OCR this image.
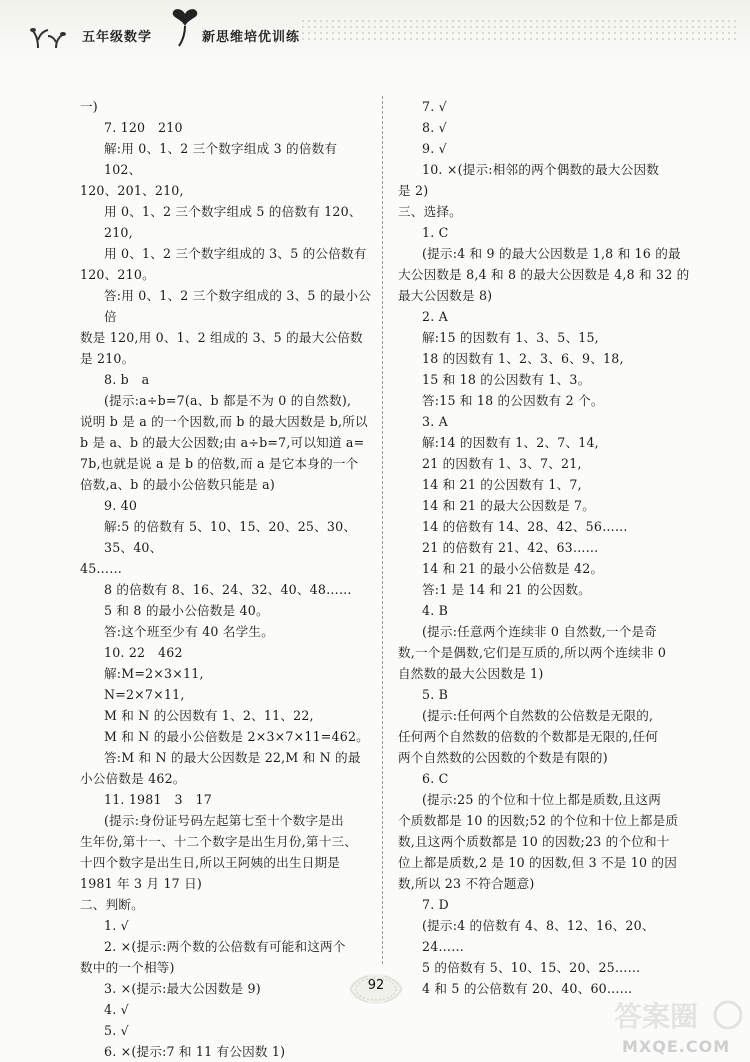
五年级数学	新思维培优训练

一)

7. 120　210

解:用 0、1、2 三个数字组成 3 的倍数有 102、

120、201、210,

用 0、1、2 三个数字组成 5 的倍数有 120、210,

用 0、1、2 三个数字组成的 3、5 的公倍数有

120、210。

答:用 0、1、2 三个数字组成的 3、5 的最小公倍

数是 120,用 0、1、2 组成的 3、5 的最大公倍数

是 210。

8. b　a

(提示:a÷b=7(a、b 都是不为 0 的自然数),

说明 b 是 a 的一个因数,而 b 的最大因数是 b,所以

b 是 a、b 的最大公因数;由 a÷b=7,可以知道 a=

7b,也就是说 a 是 b 的倍数,而 a 是它本身的一个

倍数,a、b 的最小公倍数只能是 a)

9. 40

解:5 的倍数有 5、10、15、20、25、30、35、40、

45……

8 的倍数有 8、16、24、32、40、48……

5 和 8 的最小公倍数是 40。

答:这个班至少有 40 名学生。

10. 22　462

解:M=2×3×11,

N=2×7×11,

M 和 N 的公因数有 1、2、11、22,

M 和 N 的最小公倍数是 2×3×7×11=462。

答:M 和 N 的最大公因数是 22,M 和 N 的最

小公倍数是 462。

11. 1981　3　17

(提示:身份证号码左起第七至十个数字是出

生年份,第十一、十二个数字是出生月份,第十三、

十四个数字是出生日,所以王阿姨的出生日期是

1981 年 3 月 17 日)

二、判断。

1. √

2. ×(提示:两个数的公倍数有可能和这两个

数中的一个相等)

3. ×(提示:最大公因数是 9)

4. √

5. √

6. ×(提示:7 和 11 有公因数 1)

7. √

8. √

9. √

10. ×(提示:相邻的两个偶数的最大公因数

是 2)

三、选择。

1. C

(提示:4 和 9 的最大公因数是 1,8 和 16 的最

大公因数是 8,4 和 8 的最大公因数是 4,8 和 32 的

最大公因数是 8)

2. A

解:15 的因数有 1、3、5、15,

18 的因数有 1、2、3、6、9、18,

15 和 18 的公因数有 1、3。

答:15 和 18 的公因数有 2 个。

3. A

解:14 的因数有 1、2、7、14,

21 的因数有 1、3、7、21,

14 和 21 的公因数有 1、7,

14 和 21 的最大公因数是 7。

14 的倍数有 14、28、42、56……

21 的倍数有 21、42、63……

14 和 21 的最小公倍数是 42。

答:1 是 14 和 21 的公因数。

4. B

(提示:任意两个连续非 0 自然数,一个是奇

数,一个是偶数,它们是互质的,所以两个连续非 0

自然数的最大公因数是 1)

5. B

(提示:任何两个自然数的公倍数是无限的,

任何两个自然数的倍数的个数都是无限的,任何

两个自然数的公因数的个数是有限的)

6. C

(提示:25 的个位和十位上都是质数,且这两

个质数都是 10 的因数;52 的个位和十位上都是质

数,且这两个质数都是 10 的因数;23 的个位和十

位上都是质数,2 是 10 的因数,但 3 不是 10 的因

数,所以 23 不符合题意)

7. D

(提示:4 的倍数有 4、8、12、16、20、24……

5 的倍数有 5、10、15、20、25……

4 和 5 的公倍数有 20、40、60……

92
答案圈
MXQE.COM
